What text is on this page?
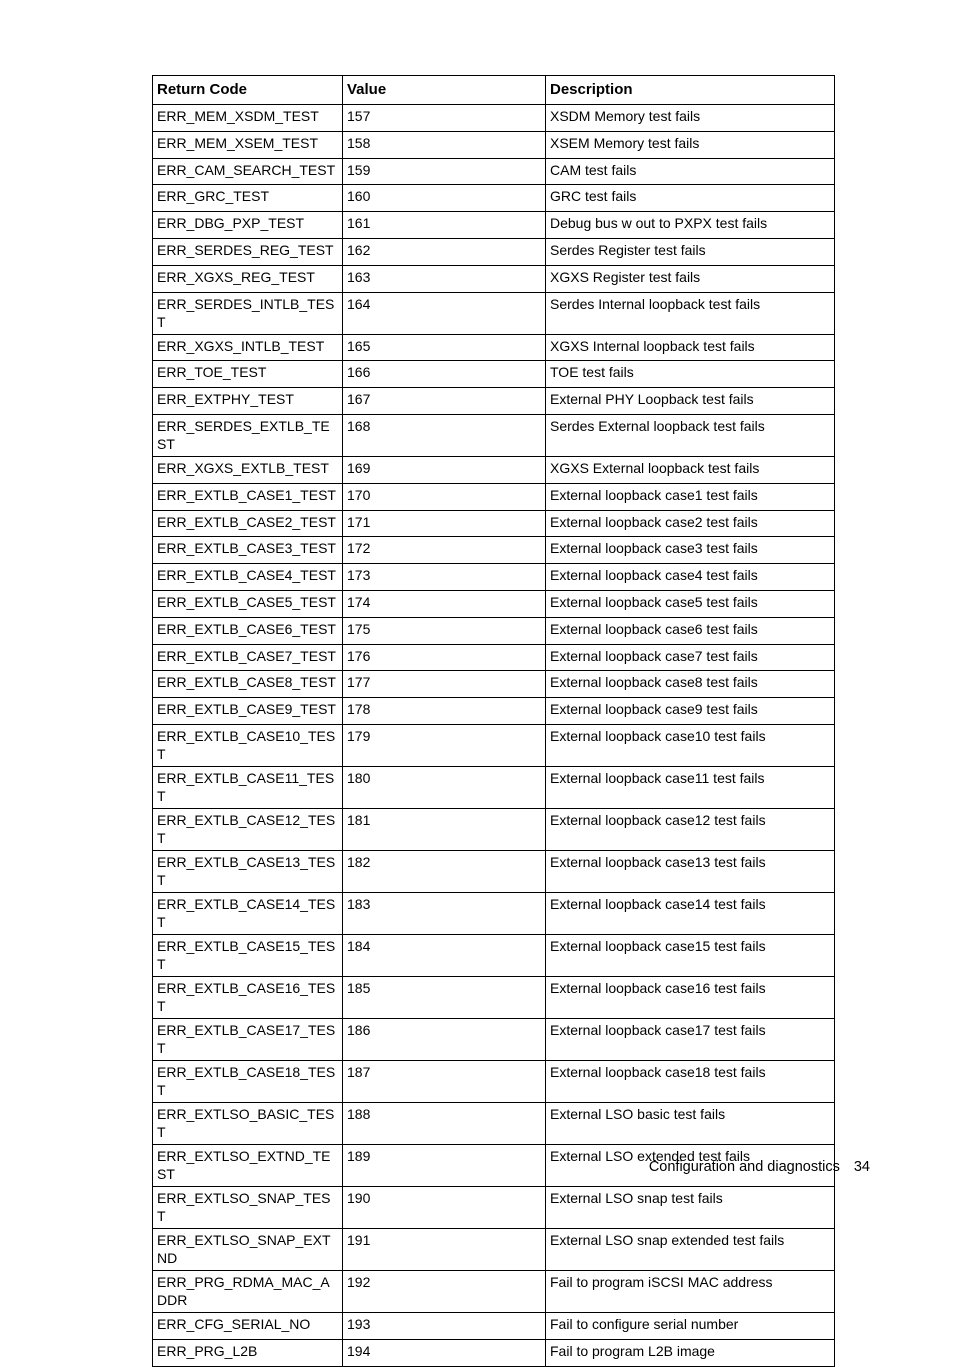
Return Code	Value	Description
ERR_MEM_XSDM_TEST	157	XSDM Memory test fails
ERR_MEM_XSEM_TEST	158	XSEM Memory test fails
ERR_CAM_SEARCH_TEST	159	CAM test fails
ERR_GRC_TEST	160	GRC test fails
ERR_DBG_PXP_TEST	161	Debug bus w out to PXPX test fails
ERR_SERDES_REG_TEST	162	Serdes Register test fails
ERR_XGXS_REG_TEST	163	XGXS Register test fails
ERR_SERDES_INTLB_TEST	164	Serdes Internal loopback test fails
ERR_XGXS_INTLB_TEST	165	XGXS Internal loopback test fails
ERR_TOE_TEST	166	TOE test fails
ERR_EXTPHY_TEST	167	External PHY Loopback test fails
ERR_SERDES_EXTLB_TEST	168	Serdes External loopback test fails
ERR_XGXS_EXTLB_TEST	169	XGXS External loopback test fails
ERR_EXTLB_CASE1_TEST	170	External loopback case1 test fails
ERR_EXTLB_CASE2_TEST	171	External loopback case2 test fails
ERR_EXTLB_CASE3_TEST	172	External loopback case3 test fails
ERR_EXTLB_CASE4_TEST	173	External loopback case4 test fails
ERR_EXTLB_CASE5_TEST	174	External loopback case5 test fails
ERR_EXTLB_CASE6_TEST	175	External loopback case6 test fails
ERR_EXTLB_CASE7_TEST	176	External loopback case7 test fails
ERR_EXTLB_CASE8_TEST	177	External loopback case8 test fails
ERR_EXTLB_CASE9_TEST	178	External loopback case9 test fails
ERR_EXTLB_CASE10_TEST	179	External loopback case10 test fails
ERR_EXTLB_CASE11_TEST	180	External loopback case11 test fails
ERR_EXTLB_CASE12_TEST	181	External loopback case12 test fails
ERR_EXTLB_CASE13_TEST	182	External loopback case13 test fails
ERR_EXTLB_CASE14_TEST	183	External loopback case14 test fails
ERR_EXTLB_CASE15_TEST	184	External loopback case15 test fails
ERR_EXTLB_CASE16_TEST	185	External loopback case16 test fails
ERR_EXTLB_CASE17_TEST	186	External loopback case17 test fails
ERR_EXTLB_CASE18_TEST	187	External loopback case18 test fails
ERR_EXTLSO_BASIC_TEST	188	External LSO basic test fails
ERR_EXTLSO_EXTND_TEST	189	External LSO extended test fails
ERR_EXTLSO_SNAP_TEST	190	External LSO snap test fails
ERR_EXTLSO_SNAP_EXTND	191	External LSO snap extended test fails
ERR_PRG_RDMA_MAC_ADDR	192	Fail to program iSCSI MAC address
ERR_CFG_SERIAL_NO	193	Fail to configure serial number
ERR_PRG_L2B	194	Fail to program L2B image
Configuration and diagnostics 34
